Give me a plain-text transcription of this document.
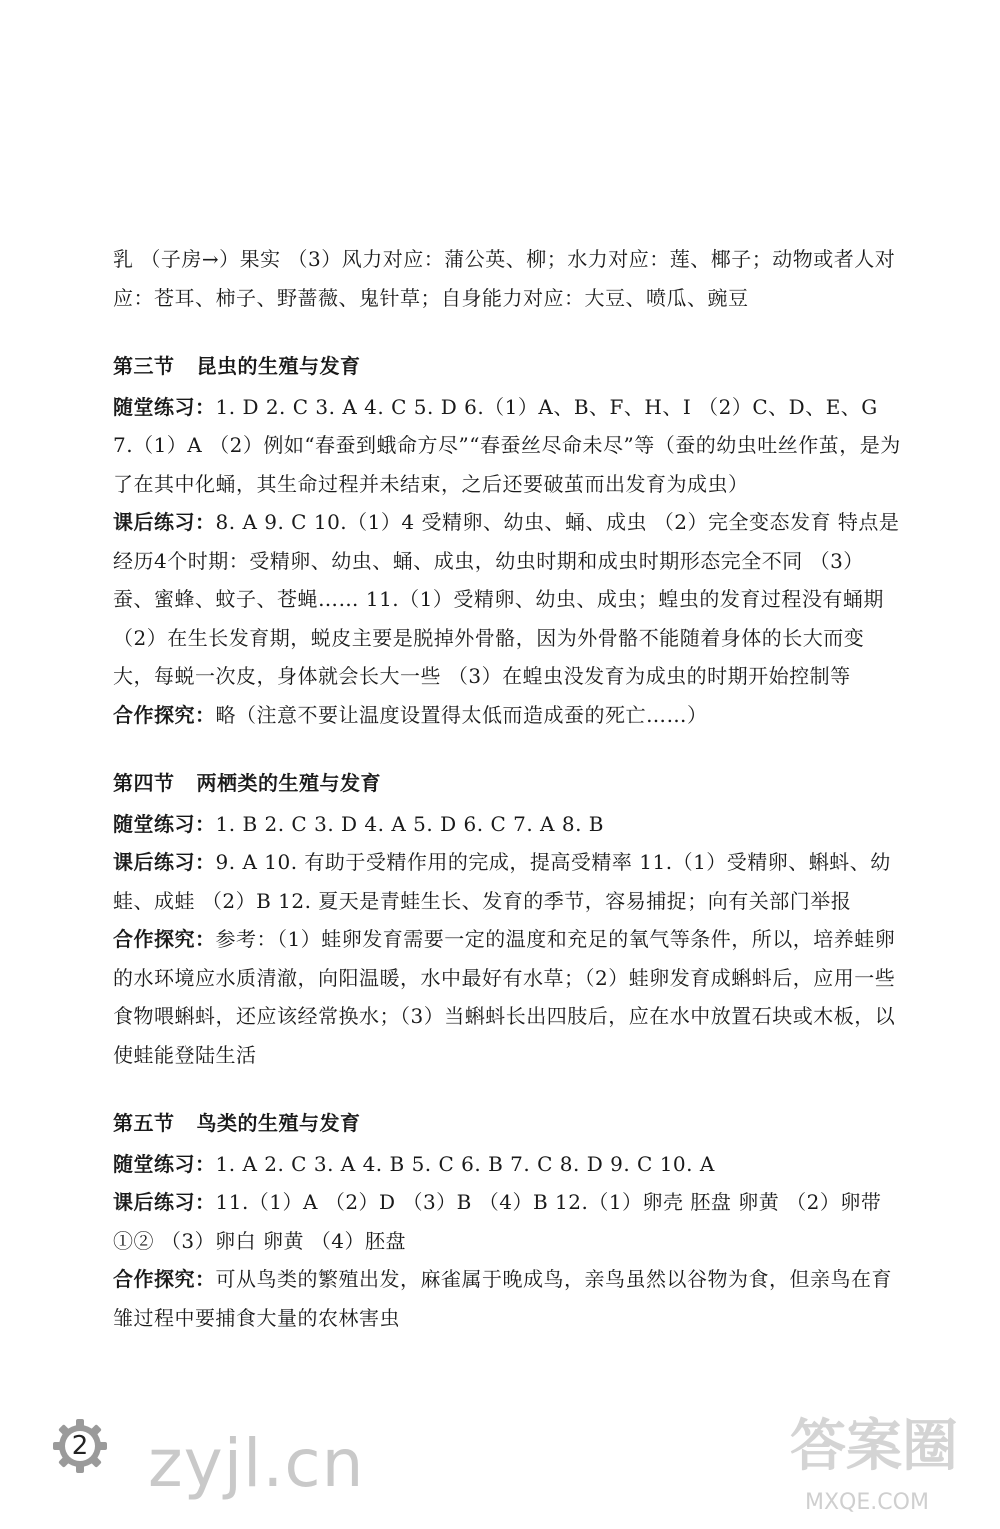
乳 （子房→）果实 （3）风力对应：蒲公英、柳；水力对应：莲、椰子；动物或者人对

应：苍耳、柿子、野蔷薇、鬼针草；自身能力对应：大豆、喷瓜、豌豆

第三节 昆虫的生殖与发育

随堂练习：1. D 2. C 3. A 4. C 5. D 6.（1）A、B、F、H、I （2）C、D、E、G 7.（1）A （2）例如“春蚕到蛾命方尽”“春蚕丝尽命未尽”等（蚕的幼虫吐丝作茧，是为了在其中化蛹，其生命过程并未结束，之后还要破茧而出发育为成虫）

课后练习：8. A 9. C 10.（1）4 受精卵、幼虫、蛹、成虫 （2）完全变态发育 特点是经历4个时期：受精卵、幼虫、蛹、成虫，幼虫时期和成虫时期形态完全不同 （3）蚕、蜜蜂、蚊子、苍蝇…… 11.（1）受精卵、幼虫、成虫；蝗虫的发育过程没有蛹期 （2）在生长发育期，蜕皮主要是脱掉外骨骼，因为外骨骼不能随着身体的长大而变大，每蜕一次皮，身体就会长大一些 （3）在蝗虫没发育为成虫的时期开始控制等

合作探究：略（注意不要让温度设置得太低而造成蚕的死亡……）

第四节 两栖类的生殖与发育

随堂练习：1. B 2. C 3. D 4. A 5. D 6. C 7. A 8. B

课后练习：9. A 10. 有助于受精作用的完成，提高受精率 11.（1）受精卵、蝌蚪、幼蛙、成蛙 （2）B 12. 夏天是青蛙生长、发育的季节，容易捕捉；向有关部门举报

合作探究：参考：（1）蛙卵发育需要一定的温度和充足的氧气等条件，所以，培养蛙卵的水环境应水质清澈，向阳温暖，水中最好有水草；（2）蛙卵发育成蝌蚪后，应用一些食物喂蝌蚪，还应该经常换水；（3）当蝌蚪长出四肢后，应在水中放置石块或木板，以使蛙能登陆生活

第五节 鸟类的生殖与发育

随堂练习：1. A 2. C 3. A 4. B 5. C 6. B 7. C 8. D 9. C 10. A

课后练习：11.（1）A （2）D （3）B （4）B 12.（1）卵壳 胚盘 卵黄 （2）卵带 ①② （3）卵白 卵黄 （4）胚盘

合作探究：可从鸟类的繁殖出发，麻雀属于晚成鸟，亲鸟虽然以谷物为食，但亲鸟在育雏过程中要捕食大量的农林害虫

2 zyjl.cn	答案圈
MXQE.COM
